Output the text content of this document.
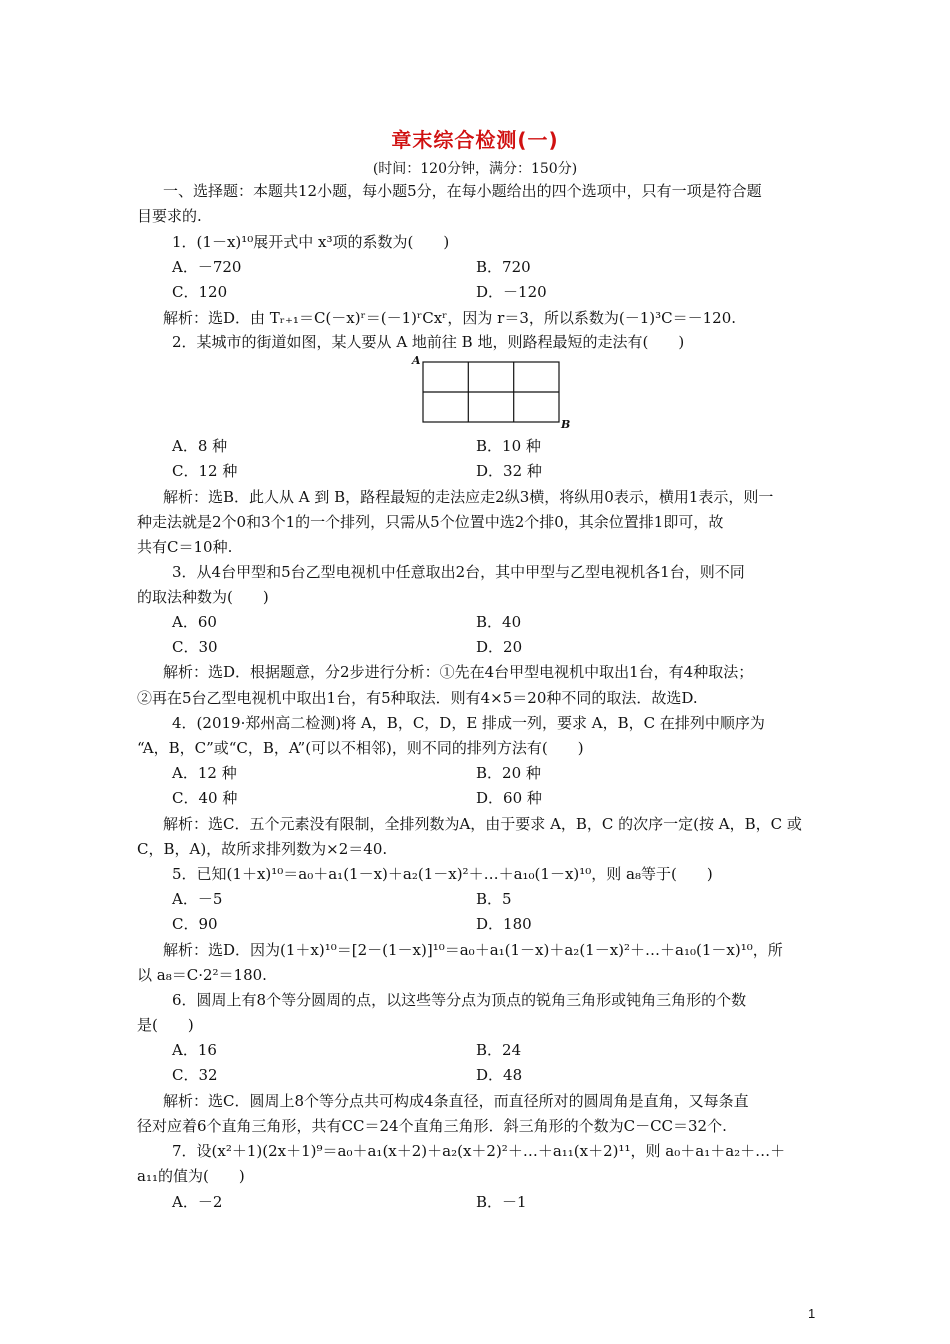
章末综合检测(一)
(时间：120分钟，满分：150分)
一、选择题：本题共12小题，每小题5分，在每小题给出的四个选项中，只有一项是符合题
目要求的.
1．(1－x)¹⁰展开式中 x³项的系数为(　　)
A．－720	B．720
C．120	D．－120
解析：选D．由 Tᵣ₊₁＝C(－x)ʳ＝(－1)ʳCxʳ，因为 r＝3，所以系数为(－1)³C＝－120.
2．某城市的街道如图，某人要从 A 地前往 B 地，则路程最短的走法有(　　)
A
B
A．8 种	B．10 种
C．12 种	D．32 种
解析：选B．此人从 A 到 B，路程最短的走法应走2纵3横，将纵用0表示，横用1表示，则一
种走法就是2个0和3个1的一个排列，只需从5个位置中选2个排0，其余位置排1即可，故
共有C＝10种.
3．从4台甲型和5台乙型电视机中任意取出2台，其中甲型与乙型电视机各1台，则不同
的取法种数为(　　)
A．60	B．40
C．30	D．20
解析：选D．根据题意，分2步进行分析：①先在4台甲型电视机中取出1台，有4种取法；
②再在5台乙型电视机中取出1台，有5种取法．则有4×5＝20种不同的取法．故选D.
4．(2019·郑州高二检测)将 A，B，C，D，E 排成一列，要求 A，B，C 在排列中顺序为
“A，B，C”或“C，B，A”(可以不相邻)，则不同的排列方法有(　　)
A．12 种	B．20 种
C．40 种	D．60 种
解析：选C．五个元素没有限制，全排列数为A，由于要求 A，B，C 的次序一定(按 A，B，C 或
C，B，A)，故所求排列数为×2＝40.
5．已知(1＋x)¹⁰＝a₀＋a₁(1－x)＋a₂(1－x)²＋…＋a₁₀(1－x)¹⁰，则 a₈等于(　　)
A．－5	B．5
C．90	D．180
解析：选D．因为(1＋x)¹⁰＝[2－(1－x)]¹⁰＝a₀＋a₁(1－x)＋a₂(1－x)²＋…＋a₁₀(1－x)¹⁰，所
以 a₈＝C·2²＝180.
6．圆周上有8个等分圆周的点，以这些等分点为顶点的锐角三角形或钝角三角形的个数
是(　　)
A．16	B．24
C．32	D．48
解析：选C．圆周上8个等分点共可构成4条直径，而直径所对的圆周角是直角，又每条直
径对应着6个直角三角形，共有CC＝24个直角三角形．斜三角形的个数为C－CC＝32个.
7．设(x²＋1)(2x＋1)⁹＝a₀＋a₁(x＋2)＋a₂(x＋2)²＋…＋a₁₁(x＋2)¹¹，则 a₀＋a₁＋a₂＋…＋
a₁₁的值为(　　)
A．－2	B．－1
1
